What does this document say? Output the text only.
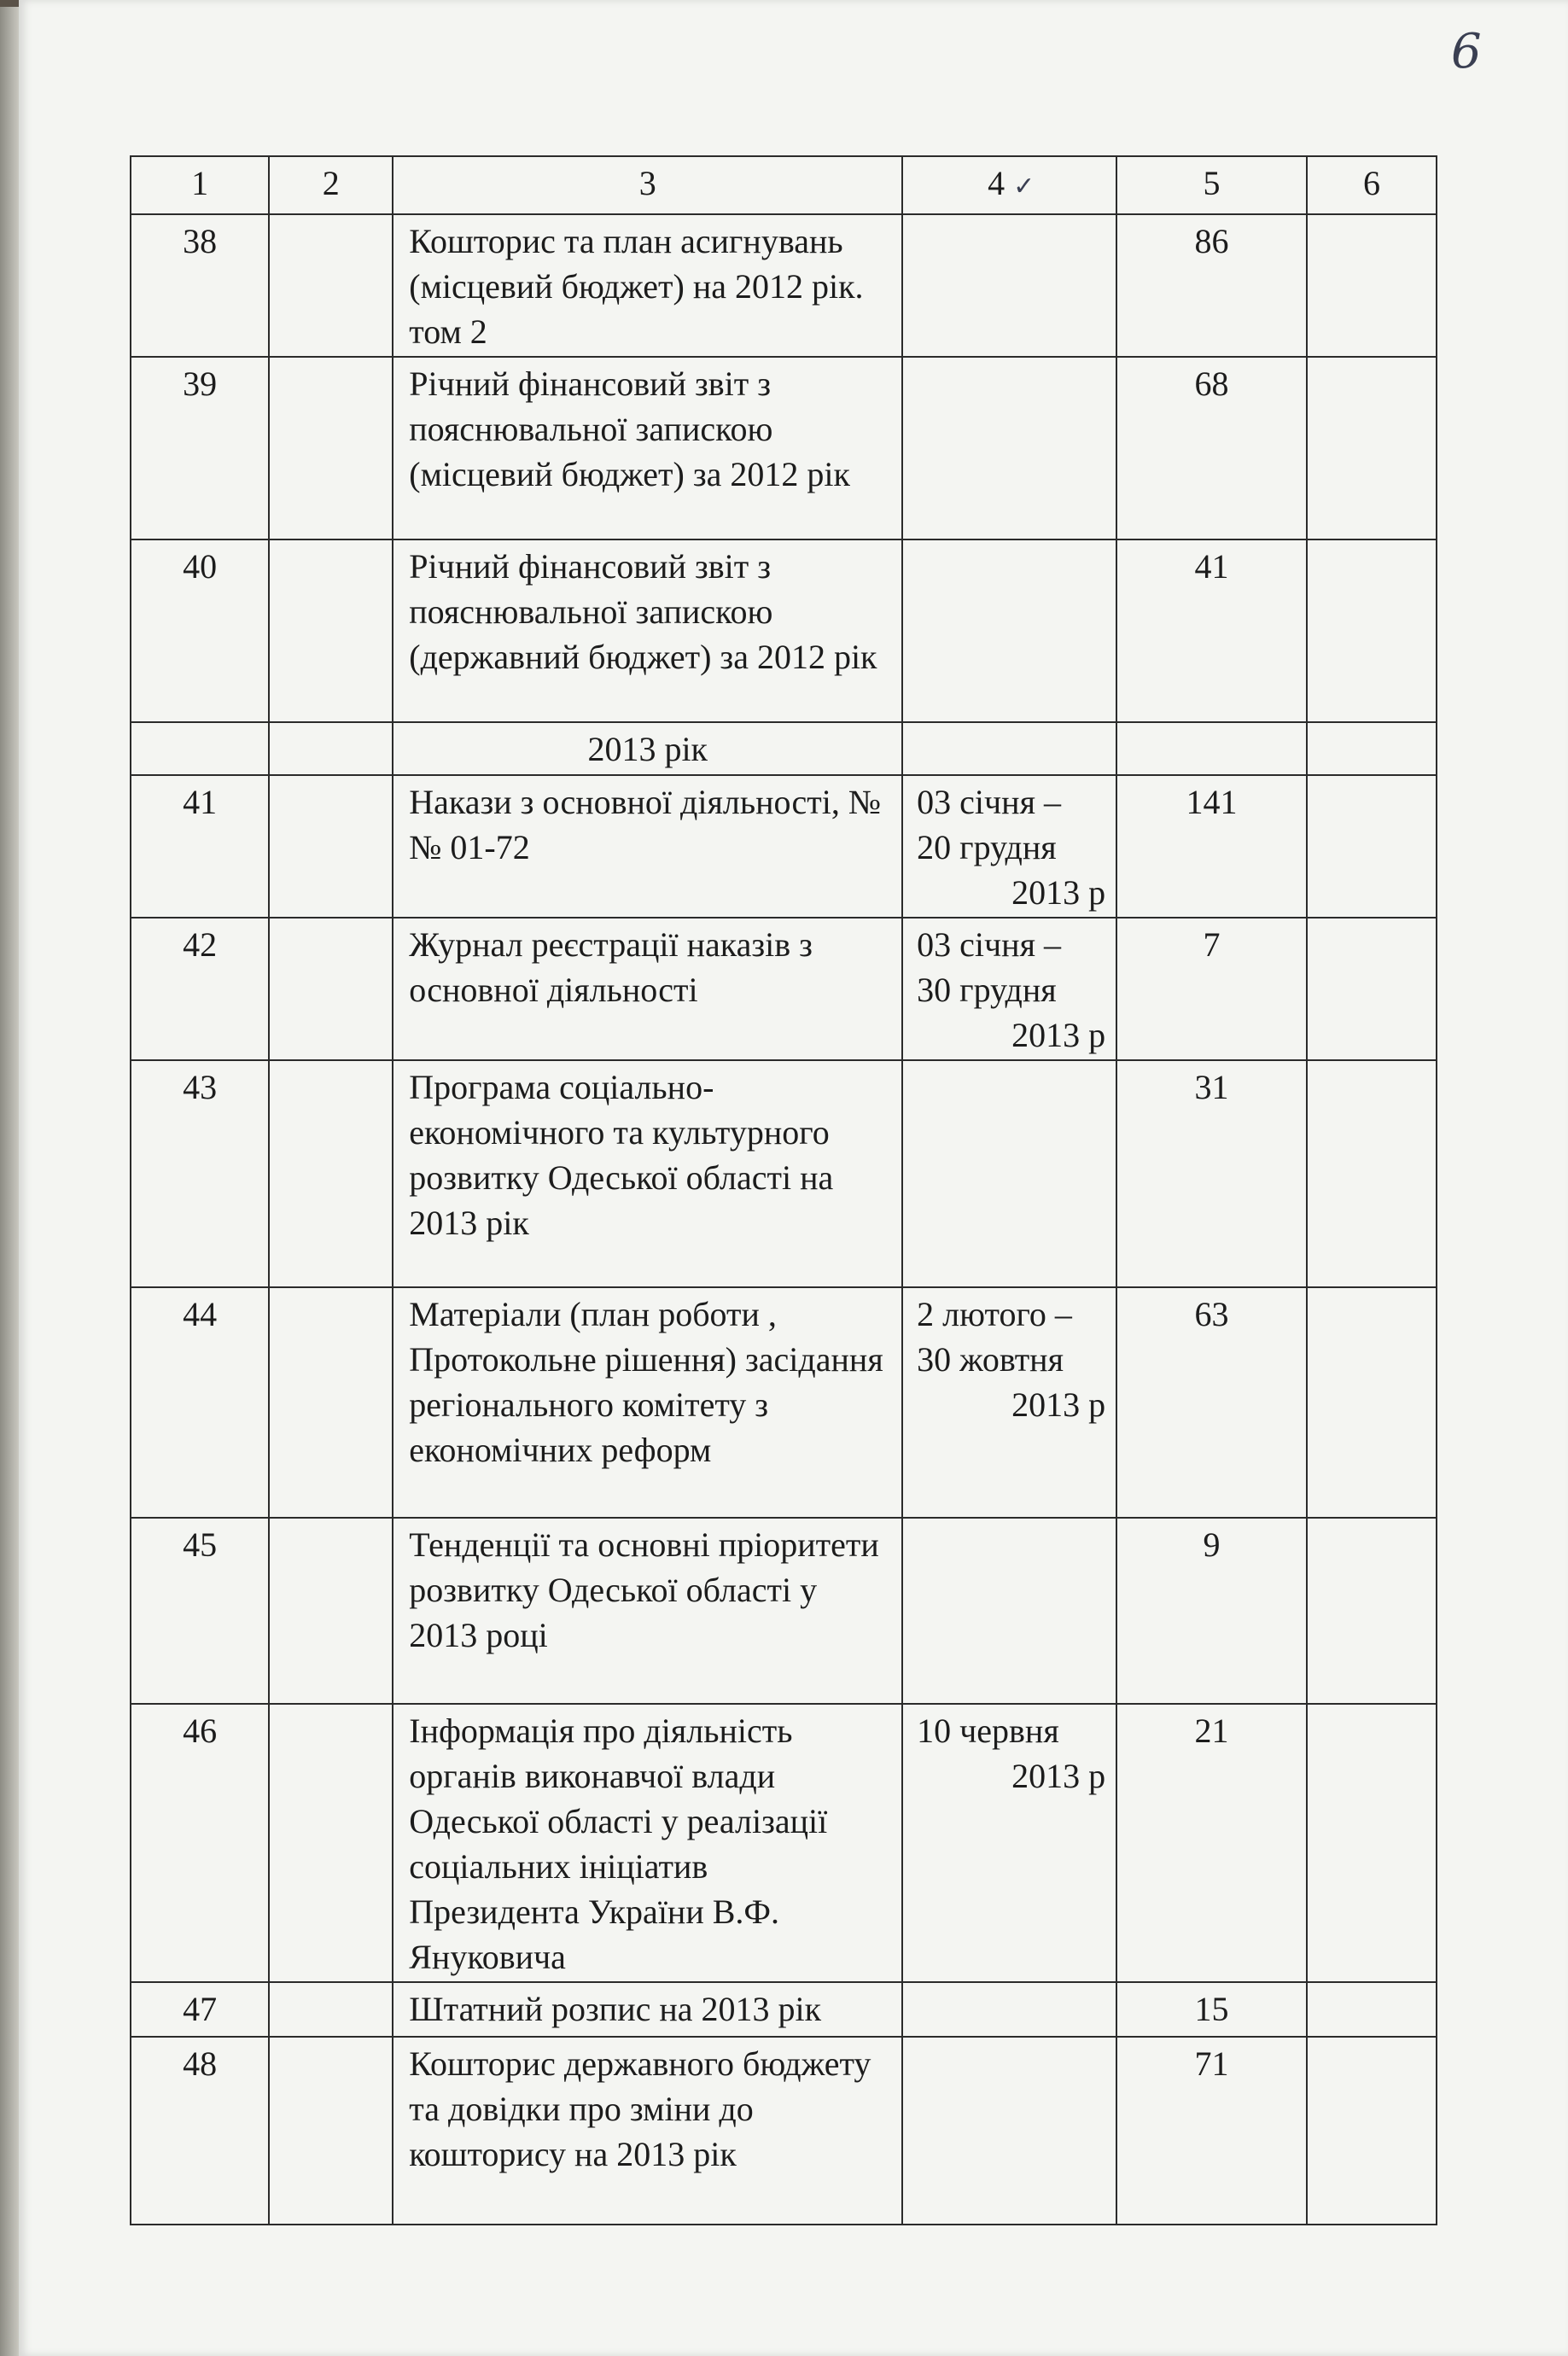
6
1	2	3	4 ✓	5	6
38		Кошторис та план асигнувань (місцевий бюджет) на 2012 рік. том 2		86	
39		Річний фінансовий звіт з пояснювальної запискою (місцевий бюджет) за 2012 рік		68	
40		Річний фінансовий звіт з пояснювальної запискою (державний бюджет) за 2012 рік		41	
		2013 рік			
41		Накази з основної діяльності, №№ 01-72	03 січня –
20 грудня
2013 р	141	
42		Журнал реєстрації наказів з основної діяльності	03 січня –
30 грудня
2013 р	7	
43		Програма соціально-економічного та культурного розвитку Одеської області на 2013 рік		31	
44		Матеріали (план роботи , Протокольне рішення) засідання регіонального комітету з економічних реформ	2 лютого –
30 жовтня
2013 р	63	
45		Тенденції та основні пріоритети розвитку Одеської області у 2013 році		9	
46		Інформація про діяльність органів виконавчої влади Одеської області у реалізації соціальних ініціатив Президента України В.Ф. Януковича	10 червня
2013 р	21	
47		Штатний розпис на 2013 рік		15	
48		Кошторис державного бюджету та довідки про зміни до кошторису на 2013 рік		71	
